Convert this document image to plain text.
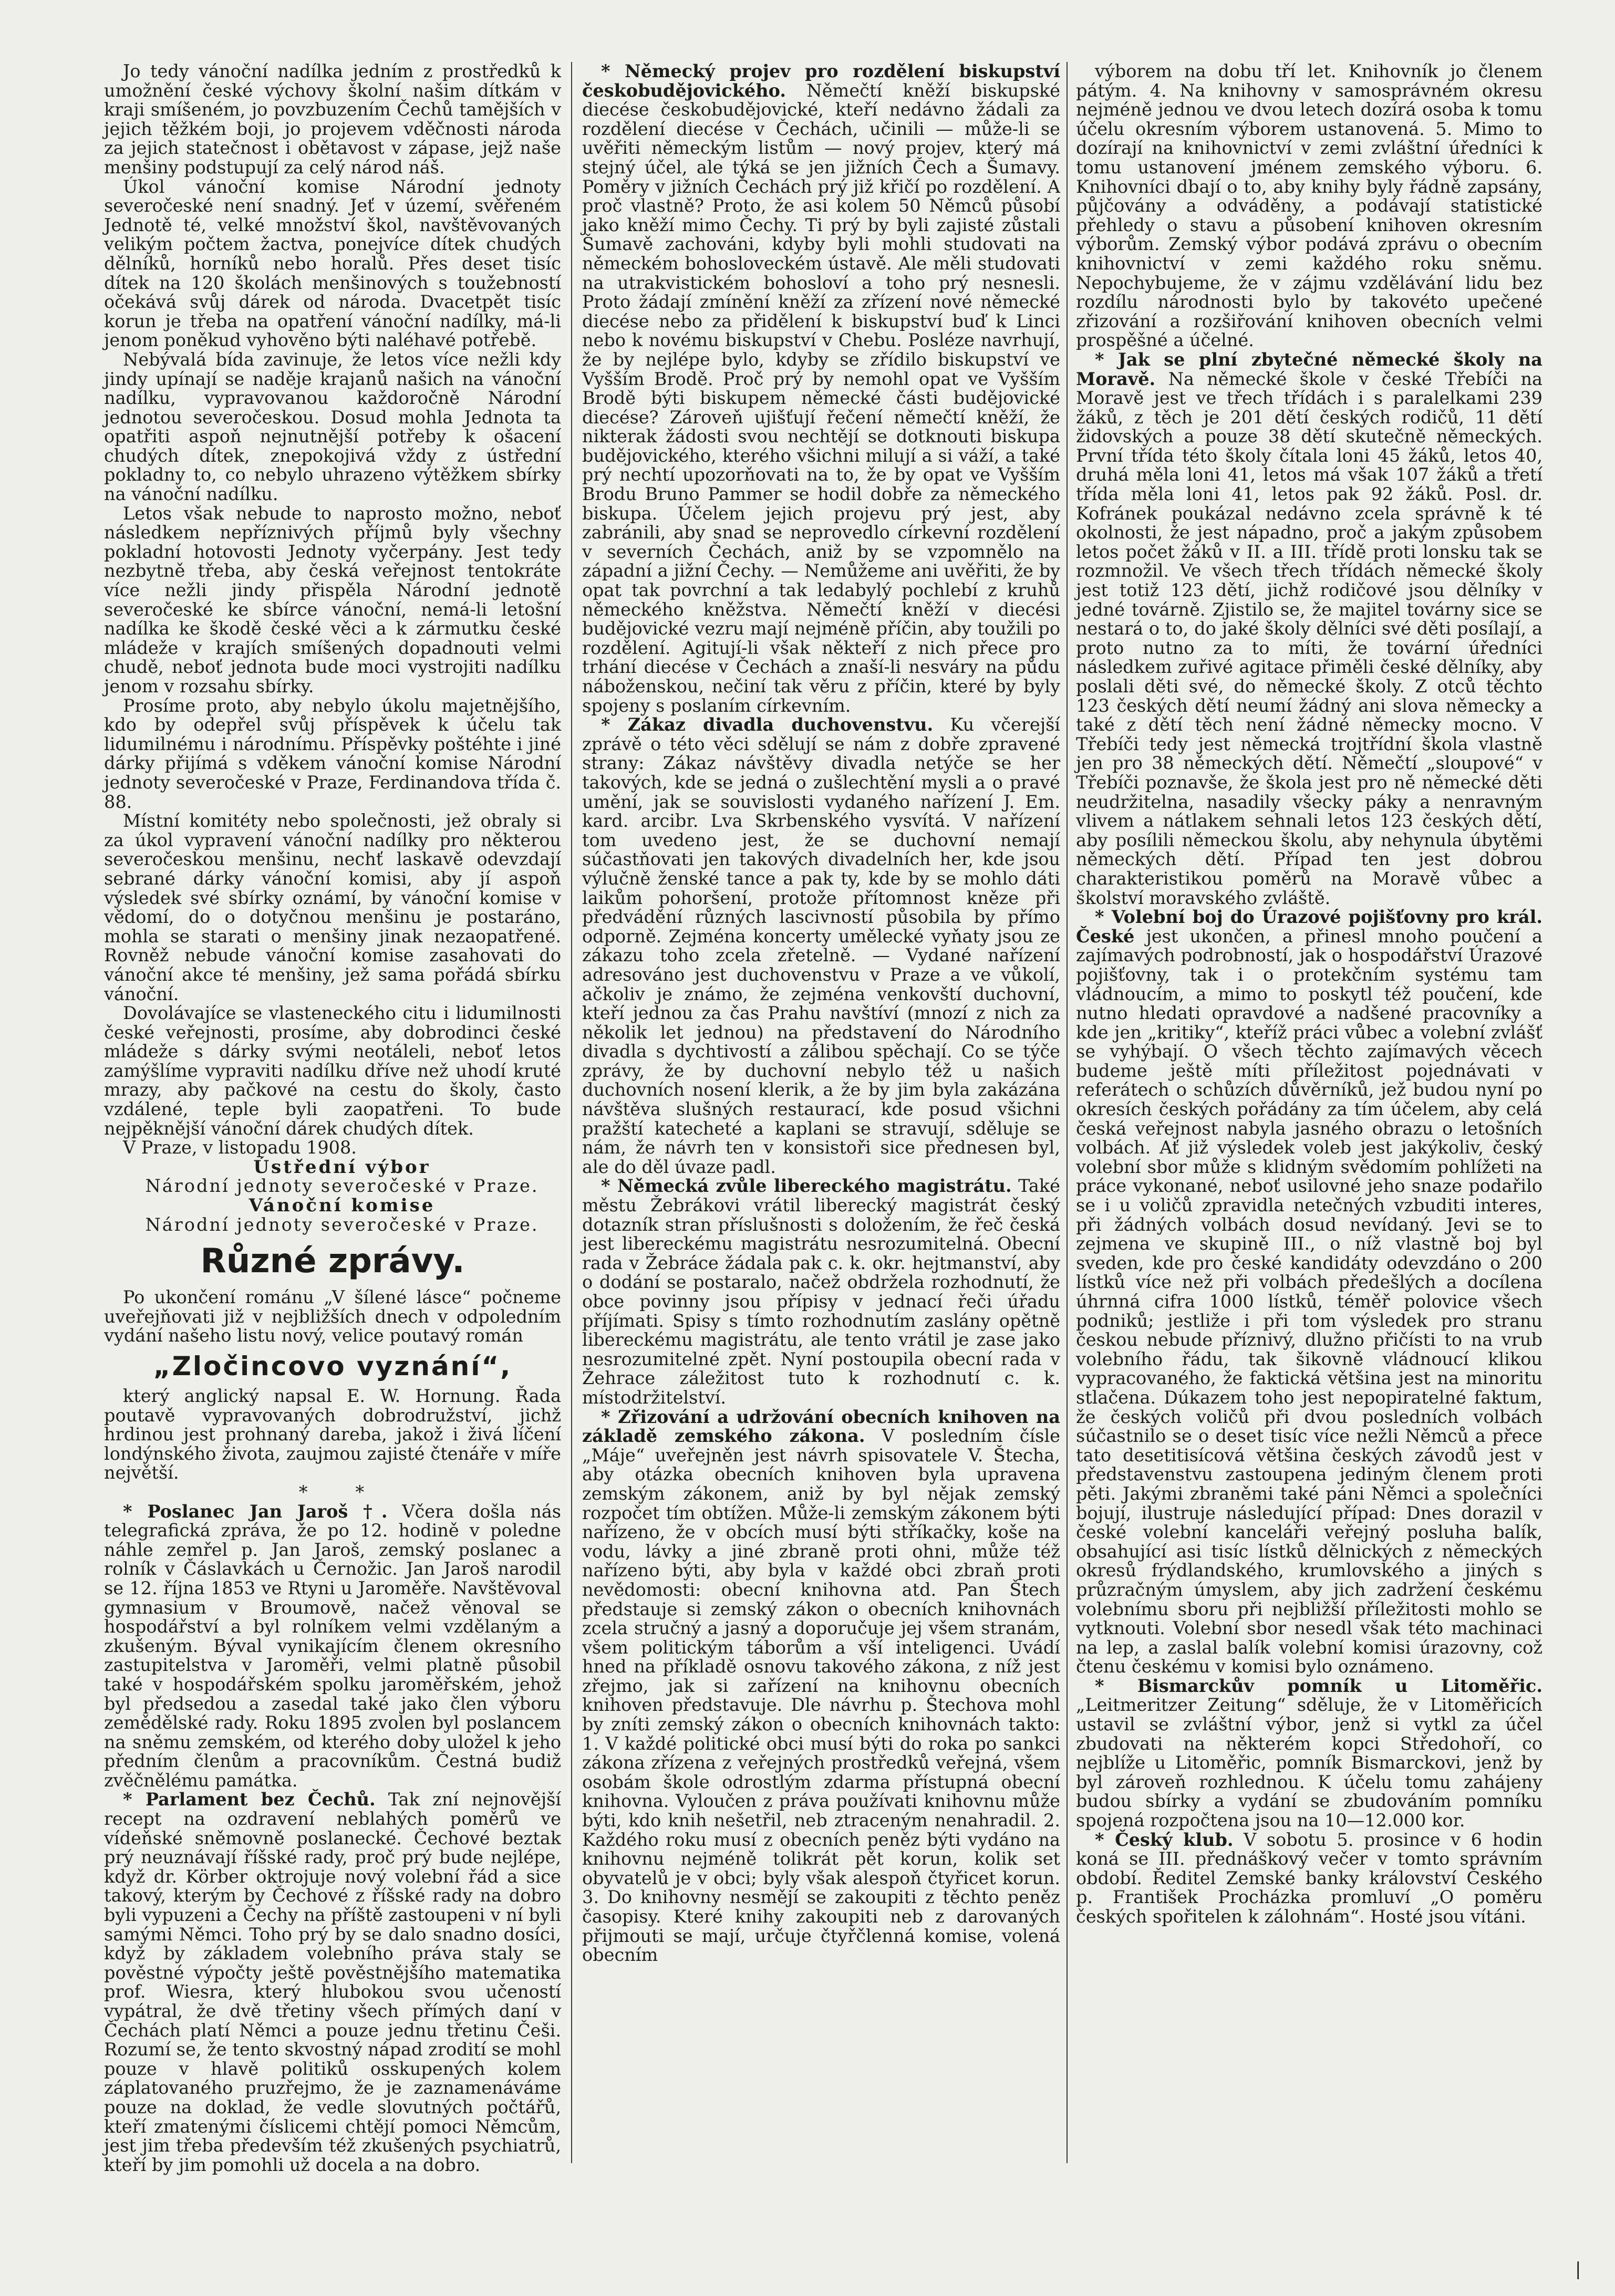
Jo tedy vánoční nadílka jedním z prostředků k umožnění české výchovy školní našim dítkám v kraji smíšeném, jo povzbuzením Čechů tamějších v jejich těžkém boji, jo projevem vděčnosti národa za jejich statečnost i obětavost v zápase, jejž naše menšiny podstupují za celý národ náš.

Úkol vánoční komise Národní jednoty severočeské není snadný. Jeť v území, svěřeném Jednotě té, velké množství škol, navštěvovaných velikým počtem žactva, ponejvíce dítek chudých dělníků, horníků nebo horalů. Přes deset tisíc dítek na 120 školách menšinových s toužebností očekává svůj dárek od národa. Dvacetpět tisíc korun je třeba na opatření vánoční nadílky, má-li jenom poněkud vyhověno býti naléhavé potřebě.

Nebývalá bída zavinuje, že letos více nežli kdy jindy upínají se naděje krajanů našich na vánoční nadílku, vypravovanou každoročně Národní jednotou severočeskou. Dosud mohla Jednota ta opatřiti aspoň nejnutnější potřeby k ošacení chudých dítek, znepokojivá vždy z ústřední pokladny to, co nebylo uhrazeno výtěžkem sbírky na vánoční nadílku.

Letos však nebude to naprosto možno, neboť následkem nepříznivých příjmů byly všechny pokladní hotovosti Jednoty vyčerpány. Jest tedy nezbytně třeba, aby česká veřejnost tentokráte více nežli jindy přispěla Národní jednotě severočeské ke sbírce vánoční, nemá-li letošní nadílka ke škodě české věci a k zármutku české mládeže v krajích smíšených dopadnouti velmi chudě, neboť jednota bude moci vystrojiti nadílku jenom v rozsahu sbírky.

Prosíme proto, aby nebylo úkolu majetnějšího, kdo by odepřel svůj příspěvek k účelu tak lidumilnému i národnímu. Příspěvky poštéhte i jiné dárky přijímá s vděkem vánoční komise Národní jednoty severočeské v Praze, Ferdinandova třída č. 88.

Místní komitéty nebo společnosti, jež obraly si za úkol vypravení vánoční nadílky pro některou severočeskou menšinu, nechť laskavě odevzdají sebrané dárky vánoční komisi, aby jí aspoň výsledek své sbírky oznámí, by vánoční komise v vědomí, do o dotyčnou menšinu je postaráno, mohla se starati o menšiny jinak nezaopatřené. Rovněž nebude vánoční komise zasahovati do vánoční akce té menšiny, jež sama pořádá sbírku vánoční.

Dovolávajíce se vlasteneckého citu i lidumilnosti české veřejnosti, prosíme, aby dobrodinci české mládeže s dárky svými neotáleli, neboť letos zamýšlíme vypraviti nadílku dříve než uhodí kruté mrazy, aby pačkové na cestu do školy, často vzdálené, teple byli zaopatřeni. To bude nejpěknější vánoční dárek chudých dítek.

V Praze, v listopadu 1908.

Ústřední výbor

Národní jednoty severočeské v Praze.

Vánoční komise

Národní jednoty severočeské v Praze.

Různé zprávy.

Po ukončení románu „V šílené lásce“ počneme uveřejňovati již v nejbližších dnech v odpoledním vydání našeho listu nový, velice poutavý román

„Zločincovo vyznání“,

který anglický napsal E. W. Hornung. Řada poutavě vypravovaných dobrodružství, jichž hrdinou jest prohnaný dareba, jakož i živá líčení londýnského života, zaujmou zajisté čtenáře v míře největší.

* *

* Poslanec Jan Jaroš †. Včera došla nás telegrafická zpráva, že po 12. hodině v poledne náhle zemřel p. Jan Jaroš, zemský poslanec a rolník v Čáslavkách u Černožic. Jan Jaroš narodil se 12. října 1853 ve Rtyni u Jaroměře. Navštěvoval gymnasium v Broumově, načež věnoval se hospodářství a byl rolníkem velmi vzdělaným a zkušeným. Býval vynikajícím členem okresního zastupitelstva v Jaroměři, velmi platně působil také v hospodářském spolku jaroměřském, jehož byl předsedou a zasedal také jako člen výboru zemědělské rady. Roku 1895 zvolen byl poslancem na sněmu zemském, od kterého doby uložel k jeho předním členům a pracovníkům. Čestná budiž zvěčnělému památka.

* Parlament bez Čechů. Tak zní nejnovější recept na ozdravení neblahých poměrů ve vídeňské sněmovně poslanecké. Čechové beztak prý neuznávají říšské rady, proč prý bude nejlépe, když dr. Körber oktrojuje nový volební řád a sice takový, kterým by Čechové z říšské rady na dobro byli vypuzeni a Čechy na příště zastoupeni v ní byli samými Němci. Toho prý by se dalo snadno dosíci, když by základem volebního práva staly se pověstné výpočty ještě pověstnějšího matematika prof. Wiesra, který hlubokou svou učeností vypátral, že dvě třetiny všech přímých daní v Čechách platí Němci a pouze jednu třetinu Češi. Rozumí se, že tento skvostný nápad zrodití se mohl pouze v hlavě politiků osskupených kolem záplatovaného pruzřejmo, že je zaznamenáváme pouze na doklad, že vedle slovutných počtářů, kteří zmatenými číslicemi chtějí pomoci Němcům, jest jim třeba především též zkušených psychiatrů, kteří by jim pomohli už docela a na dobro.

* Německý projev pro rozdělení biskupství českobudějovického. Němečtí kněží biskupské diecése českobudějovické, kteří nedávno žádali za rozdělení diecése v Čechách, učinili — může-li se uvěřiti německým listům — nový projev, který má stejný účel, ale týká se jen jižních Čech a Šumavy. Poměry v jižních Čechách prý již křičí po rozdělení. A proč vlastně? Proto, že asi kolem 50 Němců působí jako kněží mimo Čechy. Ti prý by byli zajisté zůstali Šumavě zachováni, kdyby byli mohli studovati na německém bohosloveckém ústavě. Ale měli studovati na utrakvistickém bohosloví a toho prý nesnesli. Proto žádají zmínění kněží za zřízení nové německé diecése nebo za přidělení k biskupství buď k Linci nebo k novému biskupství v Chebu. Posléze navrhují, že by nejlépe bylo, kdyby se zřídilo biskupství ve Vyšším Brodě. Proč prý by nemohl opat ve Vyšším Brodě býti biskupem německé části budějovické diecése? Zároveň ujišťují řečení němečtí kněží, že nikterak žádosti svou nechtějí se dotknouti biskupa budějovického, kterého všichni milují a si váží, a také prý nechtí upozorňovati na to, že by opat ve Vyšším Brodu Bruno Pammer se hodil dobře za německého biskupa. Účelem jejich projevu prý jest, aby zabránili, aby snad se neprovedlo církevní rozdělení v severních Čechách, aniž by se vzpomnělo na západní a jižní Čechy. — Nemůžeme ani uvěřiti, že by opat tak povrchní a tak ledabylý pochlebí z kruhů německého kněžstva. Němečtí kněží v diecési budějovické vezru mají nejméně příčin, aby toužili po rozdělení. Agitují-li však někteří z nich přece pro trhání diecése v Čechách a znaší-li nesváry na půdu náboženskou, nečiní tak věru z příčin, které by byly spojeny s poslaním církevním.

* Zákaz divadla duchovenstvu. Ku včerejší zprávě o této věci sdělují se nám z dobře zpravené strany: Zákaz návštěvy divadla netýče se her takových, kde se jedná o zušlechtění mysli a o pravé umění, jak se souvislosti vydaného nařízení J. Em. kard. arcibr. Lva Skrbenského vysvítá. V nařízení tom uvedeno jest, že se duchovní nemají súčastňovati jen takových divadelních her, kde jsou výlučně ženské tance a pak ty, kde by se mohlo dáti laikům pohoršení, protože přítomnost kněze při předvádění různých lascivností působila by přímo odporně. Zejména koncerty umělecké vyňaty jsou ze zákazu toho zcela zřetelně. — Vydané nařízení adresováno jest duchovenstvu v Praze a ve vůkolí, ačkoliv je známo, že zejména venkovští duchovní, kteří jednou za čas Prahu navštíví (mnozí z nich za několik let jednou) na představení do Národního divadla s dychtivostí a zálibou spěchají. Co se týče zprávy, že by duchovní nebylo též u našich duchovních nosení klerik, a že by jim byla zakázána návštěva slušných restaurací, kde posud všichni pražští katecheté a kaplani se stravují, sděluje se nám, že návrh ten v konsistoři sice přednesen byl, ale do děl úvaze padl.

* Německá zvůle libereckého magistrátu. Také městu Žebrákovi vrátil liberecký magistrát český dotazník stran příslušnosti s doložením, že řeč česká jest libereckému magistrátu nesrozumitelná. Obecní rada v Žebráce žádala pak c. k. okr. hejtmanství, aby o dodání se postaralo, načež obdržela rozhodnutí, že obce povinny jsou přípisy v jednací řeči úřadu příjímati. Spisy s tímto rozhodnutím zaslány opětně libereckému magistrátu, ale tento vrátil je zase jako nesrozumitelné zpět. Nyní postoupila obecní rada v Žehrace záležitost tuto k rozhodnutí c. k. místodržitelství.

* Zřizování a udržování obecních knihoven na základě zemského zákona. V posledním čísle „Máje“ uveřejněn jest návrh spisovatele V. Štecha, aby otázka obecních knihoven byla upravena zemským zákonem, aniž by byl nějak zemský rozpočet tím obtížen. Může-li zemským zákonem býti nařízeno, že v obcích musí býti stříkačky, koše na vodu, lávky a jiné zbraně proti ohni, může též nařízeno býti, aby byla v každé obci zbraň proti nevědomosti: obecní knihovna atd. Pan Štech předstauje si zemský zákon o obecních knihovnách zcela stručný a jasný a doporučuje jej všem stranám, všem politickým táborům a vší inteligenci. Uvádí hned na příkladě osnovu takového zákona, z níž jest zřejmo, jak si zařízení na knihovnu obecních knihoven představuje. Dle návrhu p. Štechova mohl by zníti zemský zákon o obecních knihovnách takto: 1. V každé politické obci musí býti do roka po sankci zákona zřízena z veřejných prostředků veřejná, všem osobám škole odrostlým zdarma přístupná obecní knihovna. Vyloučen z práva používati knihovnu může býti, kdo knih nešetřil, neb ztraceným nenahradil. 2. Každého roku musí z obecních peněz býti vydáno na knihovnu nejméně tolikrát pět korun, kolik set obyvatelů je v obci; byly však alespoň čtyřicet korun. 3. Do knihovny nesmějí se zakoupiti z těchto peněz časopisy. Které knihy zakoupiti neb z darovaných přijmouti se mají, určuje čtyřčlenná komise, volená obecním

výborem na dobu tří let. Knihovník jo členem pátým. 4. Na knihovny v samosprávném okresu nejméně jednou ve dvou letech dozírá osoba k tomu účelu okresním výborem ustanovená. 5. Mimo to dozírají na knihovnictví v zemi zvláštní úředníci k tomu ustanovení jménem zemského výboru. 6. Knihovníci dbají o to, aby knihy byly řádně zapsány, půjčovány a odváděny, a podávají statistické přehledy o stavu a působení knihoven okresním výborům. Zemský výbor podává zprávu o obecním knihovnictví v zemi každého roku sněmu. Nepochybujeme, že v zájmu vzdělávání lidu bez rozdílu národnosti bylo by takovéto upečené zřizování a rozšiřování knihoven obecních velmi prospěšné a účelné.

* Jak se plní zbytečné německé školy na Moravě. Na německé škole v české Třebíči na Moravě jest ve třech třídách i s paralelkami 239 žáků, z těch je 201 dětí českých rodičů, 11 dětí židovských a pouze 38 dětí skutečně německých. První třída této školy čítala loni 45 žáků, letos 40, druhá měla loni 41, letos má však 107 žáků a třetí třída měla loni 41, letos pak 92 žáků. Posl. dr. Kofránek poukázal nedávno zcela správně k té okolnosti, že jest nápadno, proč a jakým způsobem letos počet žáků v II. a III. třídě proti lonsku tak se rozmnožil. Ve všech třech třídách německé školy jest totiž 123 dětí, jichž rodičové jsou dělníky v jedné továrně. Zjistilo se, že majitel továrny sice se nestará o to, do jaké školy dělníci své děti posílají, a proto nutno za to míti, že tovární úředníci následkem zuřivé agitace přiměli české dělníky, aby poslali děti své, do německé školy. Z otců těchto 123 českých dětí neumí žádný ani slova německy a také z dětí těch není žádné německy mocno. V Třebíči tedy jest německá trojtřídní škola vlastně jen pro 38 německých dětí. Němečtí „sloupové“ v Třebíči poznavše, že škola jest pro ně německé děti neudržitelna, nasadily všecky páky a nenravným vlivem a nátlakem sehnali letos 123 českých dětí, aby posílili německou školu, aby nehynula úbytěmi německých dětí. Případ ten jest dobrou charakteristikou poměrů na Moravě vůbec a školství moravského zvláště.

* Volební boj do Úrazové pojišťovny pro král. České jest ukončen, a přinesl mnoho poučení a zajímavých podrobností, jak o hospodářství Úrazové pojišťovny, tak i o protekčním systému tam vládnoucím, a mimo to poskytl též poučení, kde nutno hledati opravdové a nadšené pracovníky a kde jen „kritiky“, kteříž práci vůbec a volební zvlášť se vyhýbají. O všech těchto zajímavých věcech budeme ještě míti příležitost pojednávati v referátech o schůzích důvěrníků, jež budou nyní po okresích českých pořádány za tím účelem, aby celá česká veřejnost nabyla jasného obrazu o letošních volbách. Ať již výsledek voleb jest jakýkoliv, český volební sbor může s klidným svědomím pohlížeti na práce vykonané, neboť usilovné jeho snaze podařilo se i u voličů zpravidla netečných vzbuditi interes, při žádných volbách dosud nevídaný. Jevi se to zejmena ve skupině III., o níž vlastně boj byl sveden, kde pro české kandidáty odevzdáno o 200 lístků více než při volbách předešlých a docílena úhrnná cifra 1000 lístků, téměř polovice všech podniků; jestliže i při tom výsledek pro stranu českou nebude příznivý, dlužno přičísti to na vrub volebního řádu, tak šikovně vládnoucí klikou vypracovaného, že faktická většina jest na minoritu stlačena. Dúkazem toho jest nepopiratelné faktum, že českých voličů při dvou posledních volbách súčastnilo se o deset tisíc více nežli Němců a přece tato desetitisícová většina českých závodů jest v představenstvu zastoupena jediným členem proti pěti. Jakými zbraněmi také páni Němci a společníci bojují, ilustruje následující případ: Dnes dorazil v české volební kanceláři veřejný posluha balík, obsahující asi tisíc lístků dělnických z německých okresů frýdlandského, krumlovského a jiných s průzračným úmyslem, aby jich zadržení českému volebnímu sboru při nejbližší příležitosti mohlo se vytknouti. Volební sbor nesedl však této machinaci na lep, a zaslal balík volební komisi úrazovny, což čtenu českému v komisi bylo oznámeno.

* Bismarckův pomník u Litoměřic. „Leitmeritzer Zeitung“ sděluje, že v Litoměřicích ustavil se zvláštní výbor, jenž si vytkl za účel zbudovati na některém kopci Středohoří, co nejblíže u Litoměřic, pomník Bismarckovi, jenž by byl zároveň rozhlednou. K účelu tomu zahájeny budou sbírky a vydání se zbudováním pomníku spojená rozpočtena jsou na 10—12.000 kor.

* Český klub. V sobotu 5. prosince v 6 hodin koná se III. přednáškový večer v tomto správním období. Ředitel Zemské banky království Českého p. František Procházka promluví „O poměru českých spořitelen k zálohnám“. Hosté jsou vítáni.

|
